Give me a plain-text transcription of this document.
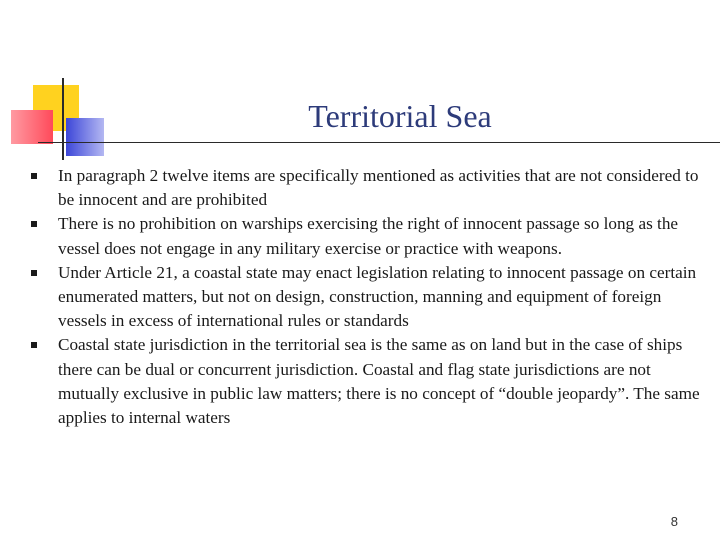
Territorial Sea
In paragraph 2 twelve items are specifically mentioned as activities that are not considered to be innocent and are prohibited
There is no prohibition on warships exercising the right of innocent passage so long as the vessel does not engage in any military exercise or practice with weapons.
Under Article 21, a coastal state may enact legislation relating to innocent passage on certain enumerated matters, but not on design, construction, manning and equipment of foreign vessels in excess of international rules or standards
Coastal state jurisdiction in the territorial sea is the same as on land but in the case of ships there can be dual or concurrent jurisdiction. Coastal and flag state jurisdictions are not mutually exclusive in public law matters; there is no concept of “double jeopardy”. The same applies to internal waters
8
